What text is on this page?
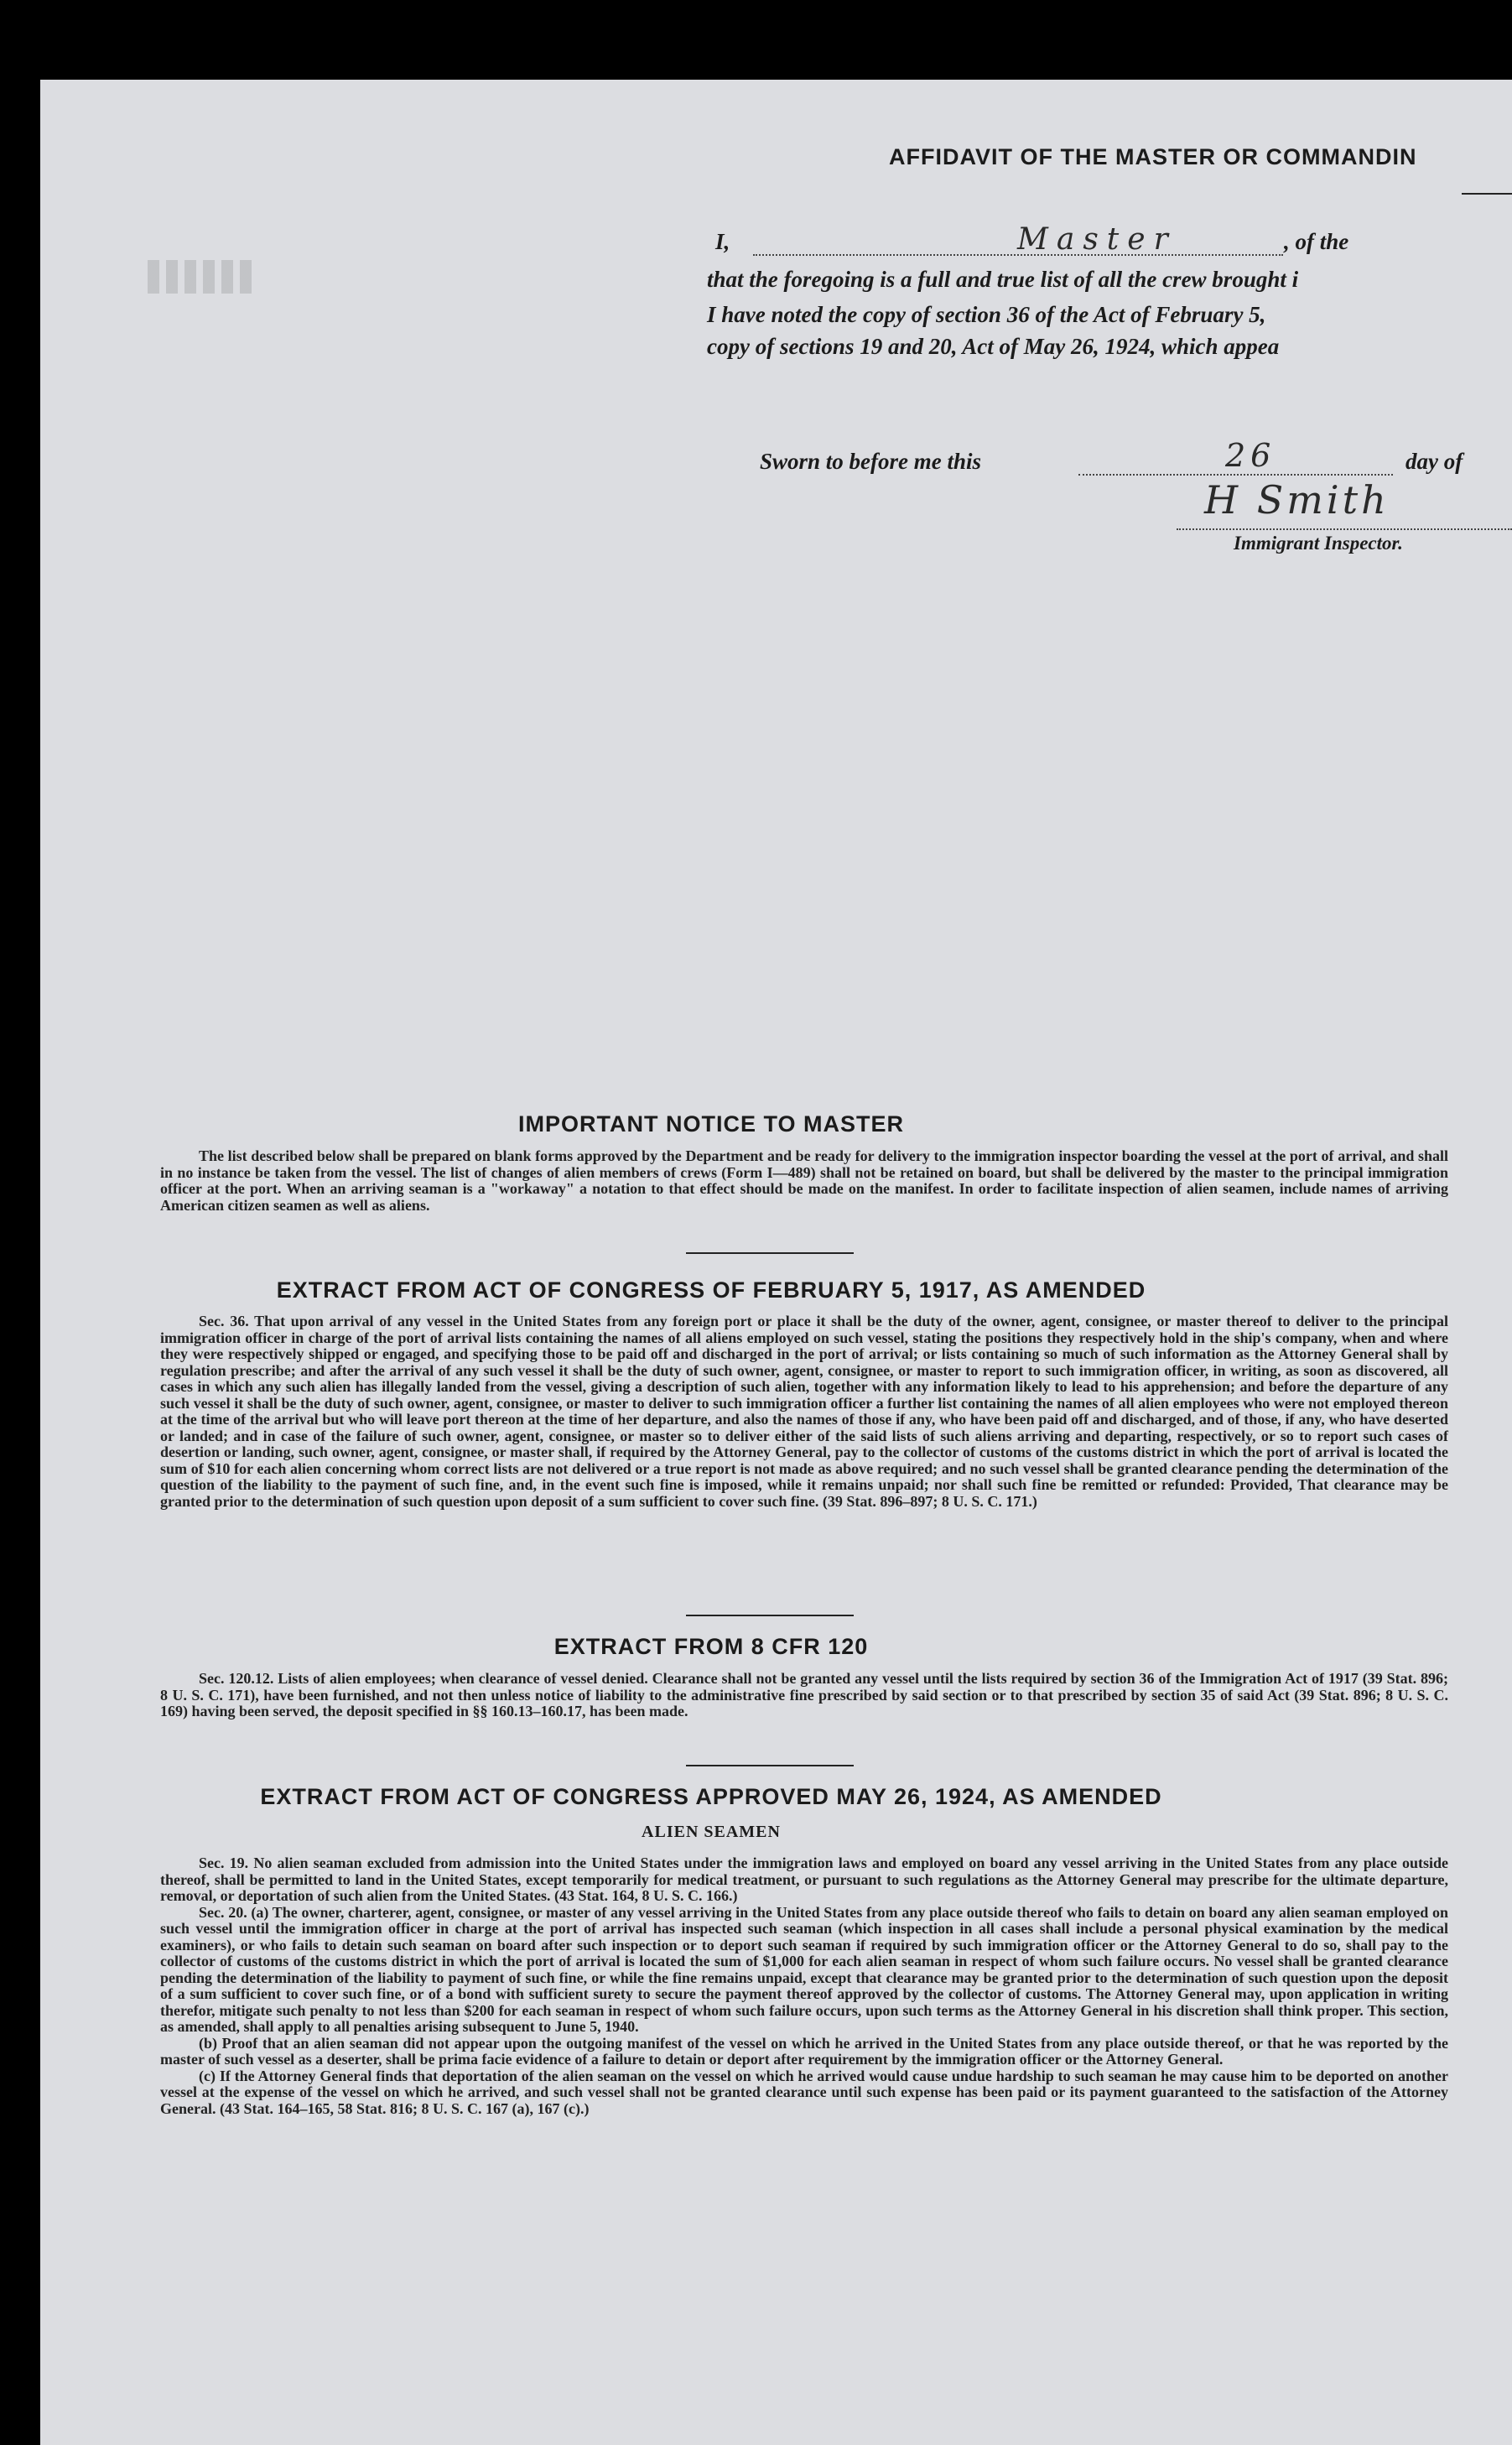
AFFIDAVIT OF THE MASTER OR COMMANDIN
I,	Master	, of the
that the foregoing is a full and true list of all the crew brought i
I have noted the copy of section 36 of the Act of February 5,
copy of sections 19 and 20, Act of May 26, 1924, which appea
Sworn to before me this	26	day of
H Smith
Immigrant Inspector.
IMPORTANT NOTICE TO MASTER
The list described below shall be prepared on blank forms approved by the Department and be ready for delivery to the immigration inspector boarding the vessel at the port of arrival, and shall in no instance be taken from the vessel. The list of changes of alien members of crews (Form I—489) shall not be retained on board, but shall be delivered by the master to the principal immigration officer at the port. When an arriving seaman is a "workaway" a notation to that effect should be made on the manifest. In order to facilitate inspection of alien seamen, include names of arriving American citizen seamen as well as aliens.
EXTRACT FROM ACT OF CONGRESS OF FEBRUARY 5, 1917, AS AMENDED
Sec. 36. That upon arrival of any vessel in the United States from any foreign port or place it shall be the duty of the owner, agent, consignee, or master thereof to deliver to the principal immigration officer in charge of the port of arrival lists containing the names of all aliens employed on such vessel, stating the positions they respectively hold in the ship's company, when and where they were respectively shipped or engaged, and specifying those to be paid off and discharged in the port of arrival; or lists containing so much of such information as the Attorney General shall by regulation prescribe; and after the arrival of any such vessel it shall be the duty of such owner, agent, consignee, or master to report to such immigration officer, in writing, as soon as discovered, all cases in which any such alien has illegally landed from the vessel, giving a description of such alien, together with any information likely to lead to his apprehension; and before the departure of any such vessel it shall be the duty of such owner, agent, consignee, or master to deliver to such immigration officer a further list containing the names of all alien employees who were not employed thereon at the time of the arrival but who will leave port thereon at the time of her departure, and also the names of those if any, who have been paid off and discharged, and of those, if any, who have deserted or landed; and in case of the failure of such owner, agent, consignee, or master so to deliver either of the said lists of such aliens arriving and departing, respectively, or so to report such cases of desertion or landing, such owner, agent, consignee, or master shall, if required by the Attorney General, pay to the collector of customs of the customs district in which the port of arrival is located the sum of $10 for each alien concerning whom correct lists are not delivered or a true report is not made as above required; and no such vessel shall be granted clearance pending the determination of the question of the liability to the payment of such fine, and, in the event such fine is imposed, while it remains unpaid; nor shall such fine be remitted or refunded: Provided, That clearance may be granted prior to the determination of such question upon deposit of a sum sufficient to cover such fine. (39 Stat. 896–897; 8 U. S. C. 171.)
EXTRACT FROM 8 CFR 120
Sec. 120.12. Lists of alien employees; when clearance of vessel denied. Clearance shall not be granted any vessel until the lists required by section 36 of the Immigration Act of 1917 (39 Stat. 896; 8 U. S. C. 171), have been furnished, and not then unless notice of liability to the administrative fine prescribed by said section or to that prescribed by section 35 of said Act (39 Stat. 896; 8 U. S. C. 169) having been served, the deposit specified in §§ 160.13–160.17, has been made.
EXTRACT FROM ACT OF CONGRESS APPROVED MAY 26, 1924, AS AMENDED
ALIEN SEAMEN

Sec. 19. No alien seaman excluded from admission into the United States under the immigration laws and employed on board any vessel arriving in the United States from any place outside thereof, shall be permitted to land in the United States, except temporarily for medical treatment, or pursuant to such regulations as the Attorney General may prescribe for the ultimate departure, removal, or deportation of such alien from the United States. (43 Stat. 164, 8 U. S. C. 166.)

Sec. 20. (a) The owner, charterer, agent, consignee, or master of any vessel arriving in the United States from any place outside thereof who fails to detain on board any alien seaman employed on such vessel until the immigration officer in charge at the port of arrival has inspected such seaman (which inspection in all cases shall include a personal physical examination by the medical examiners), or who fails to detain such seaman on board after such inspection or to deport such seaman if required by such immigration officer or the Attorney General to do so, shall pay to the collector of customs of the customs district in which the port of arrival is located the sum of $1,000 for each alien seaman in respect of whom such failure occurs. No vessel shall be granted clearance pending the determination of the liability to payment of such fine, or while the fine remains unpaid, except that clearance may be granted prior to the determination of such question upon the deposit of a sum sufficient to cover such fine, or of a bond with sufficient surety to secure the payment thereof approved by the collector of customs. The Attorney General may, upon application in writing therefor, mitigate such penalty to not less than $200 for each seaman in respect of whom such failure occurs, upon such terms as the Attorney General in his discretion shall think proper. This section, as amended, shall apply to all penalties arising subsequent to June 5, 1940.

(b) Proof that an alien seaman did not appear upon the outgoing manifest of the vessel on which he arrived in the United States from any place outside thereof, or that he was reported by the master of such vessel as a deserter, shall be prima facie evidence of a failure to detain or deport after requirement by the immigration officer or the Attorney General.

(c) If the Attorney General finds that deportation of the alien seaman on the vessel on which he arrived would cause undue hardship to such seaman he may cause him to be deported on another vessel at the expense of the vessel on which he arrived, and such vessel shall not be granted clearance until such expense has been paid or its payment guaranteed to the satisfaction of the Attorney General. (43 Stat. 164–165, 58 Stat. 816; 8 U. S. C. 167 (a), 167 (c).)
